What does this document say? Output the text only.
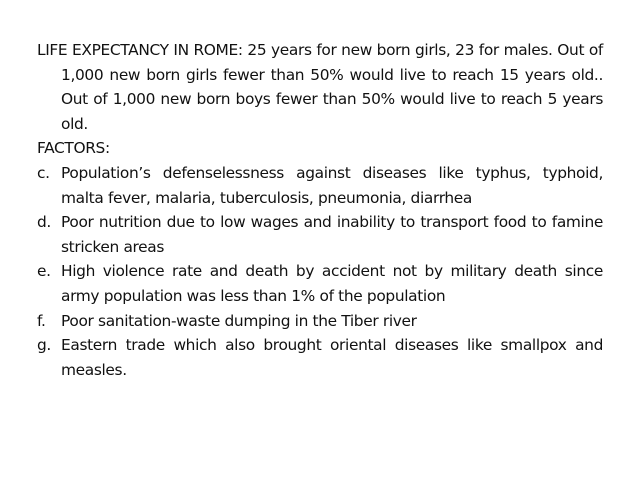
LIFE EXPECTANCY IN ROME: 25 years for new born girls, 23 for males. Out of 1,000 new born girls fewer than 50% would live to reach 15 years old.. Out of 1,000 new born boys fewer than 50% would live to reach 5 years old.

FACTORS:

c. Population’s defenselessness against diseases like typhus, typhoid, malta fever, malaria, tuberculosis, pneumonia, diarrhea
d. Poor nutrition due to low wages and inability to transport food to famine stricken areas
e. High violence rate and death by accident not by military death since army population was less than 1% of the population
f.	Poor sanitation-waste dumping in the Tiber river
g. Eastern trade which also brought oriental diseases like smallpox and measles.
